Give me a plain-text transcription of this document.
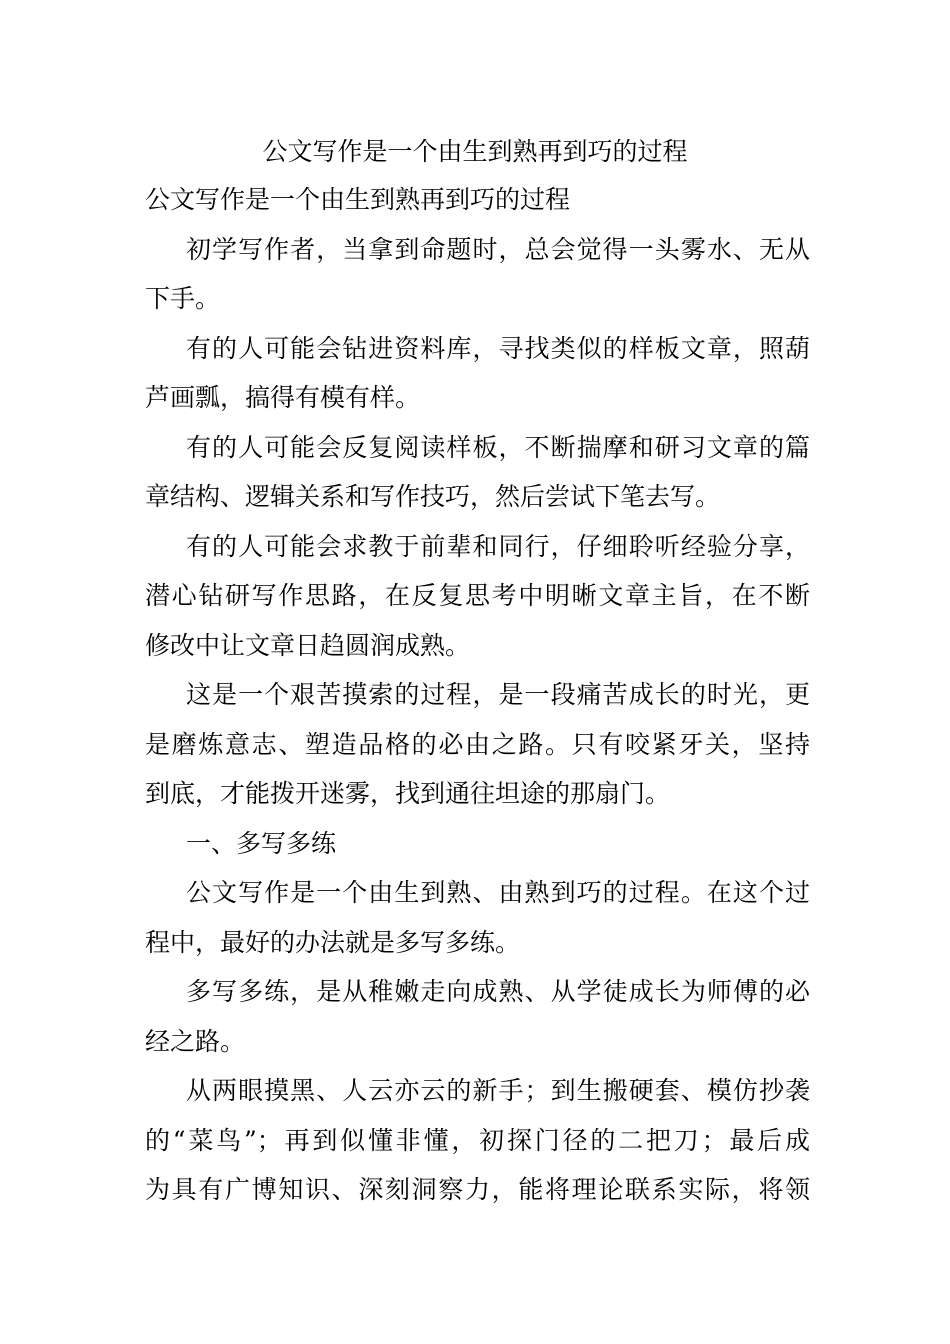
公文写作是一个由生到熟再到巧的过程

公文写作是一个由生到熟再到巧的过程

初学写作者，当拿到命题时，总会觉得一头雾水、无从

下手。

有的人可能会钻进资料库，寻找类似的样板文章，照葫

芦画瓢，搞得有模有样。

有的人可能会反复阅读样板，不断揣摩和研习文章的篇

章结构、逻辑关系和写作技巧，然后尝试下笔去写。

有的人可能会求教于前辈和同行，仔细聆听经验分享，

潜心钻研写作思路，在反复思考中明晰文章主旨，在不断

修改中让文章日趋圆润成熟。

这是一个艰苦摸索的过程，是一段痛苦成长的时光，更

是磨炼意志、塑造品格的必由之路。只有咬紧牙关，坚持

到底，才能拨开迷雾，找到通往坦途的那扇门。

一、多写多练

公文写作是一个由生到熟、由熟到巧的过程。在这个过

程中，最好的办法就是多写多练。

多写多练，是从稚嫩走向成熟、从学徒成长为师傅的必

经之路。

从两眼摸黑、人云亦云的新手；到生搬硬套、模仿抄袭

的“菜鸟”；再到似懂非懂，初探门径的二把刀；最后成

为具有广博知识、深刻洞察力，能将理论联系实际，将领
